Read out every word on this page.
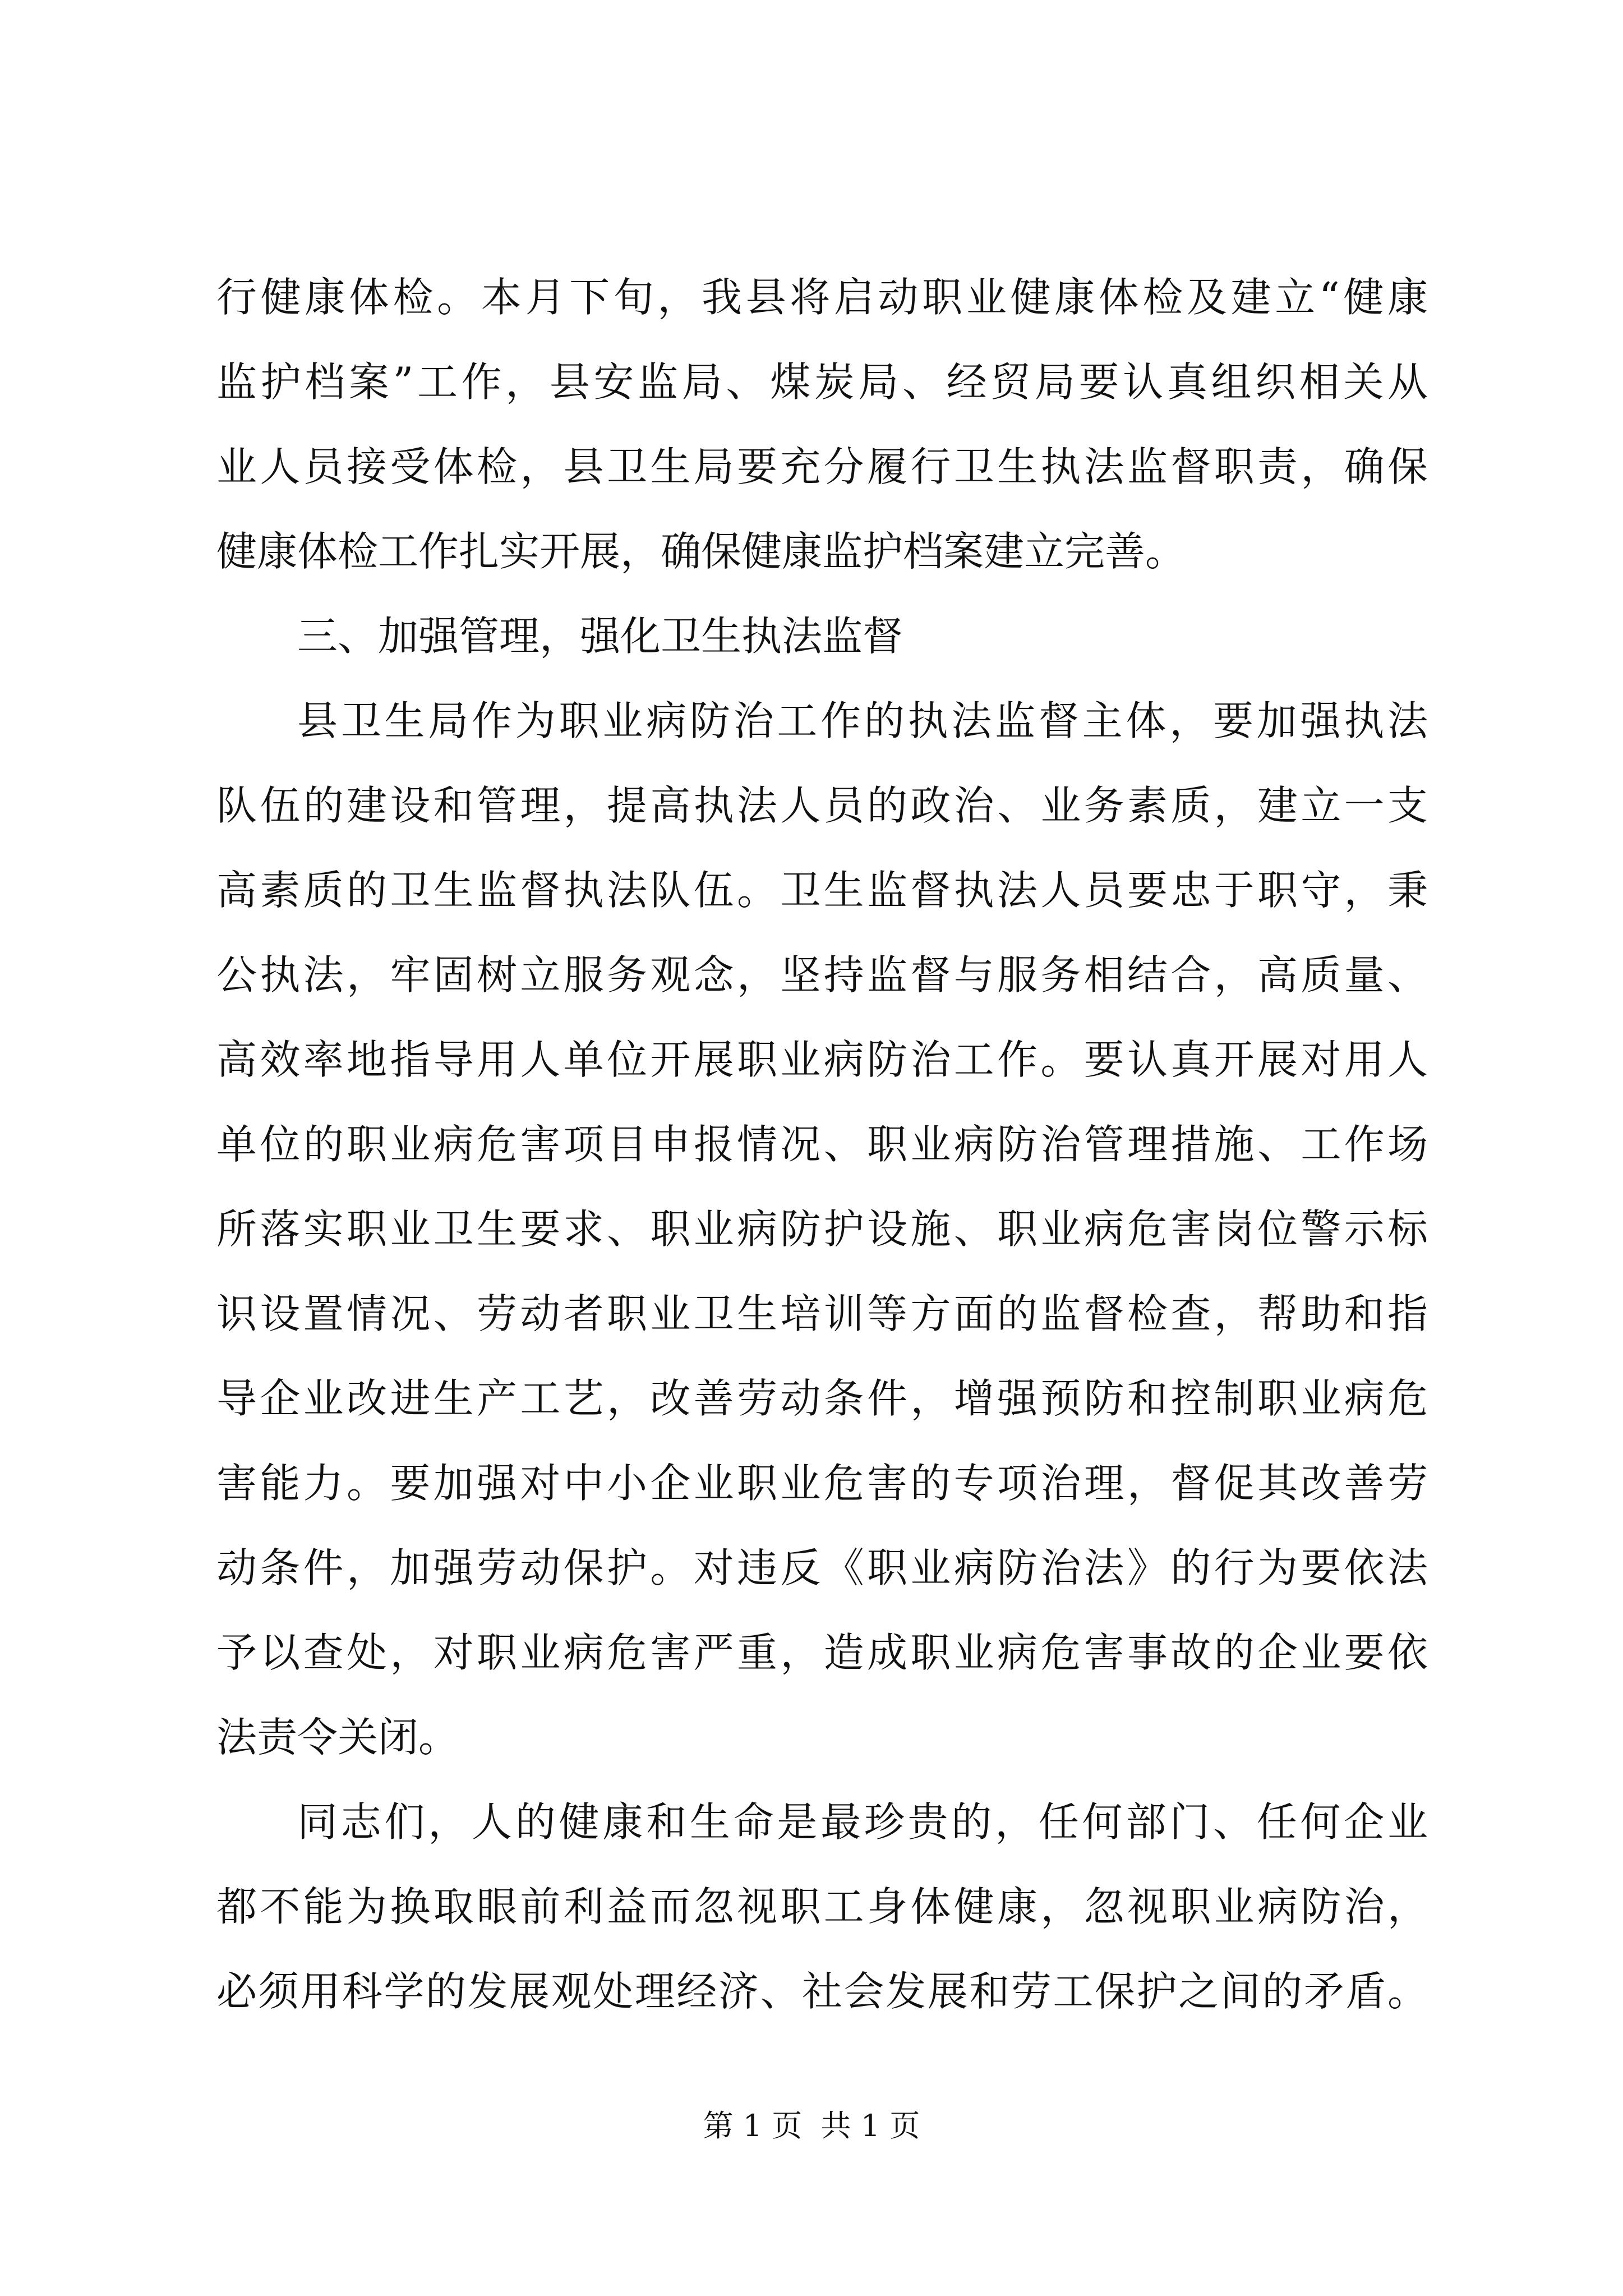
行健康体检。本月下旬，我县将启动职业健康体检及建立“健康
监护档案”工作，县安监局、煤炭局、经贸局要认真组织相关从
业人员接受体检，县卫生局要充分履行卫生执法监督职责，确保
健康体检工作扎实开展，确保健康监护档案建立完善。
三、加强管理，强化卫生执法监督
县卫生局作为职业病防治工作的执法监督主体，要加强执法
队伍的建设和管理，提高执法人员的政治、业务素质，建立一支
高素质的卫生监督执法队伍。卫生监督执法人员要忠于职守，秉
公执法，牢固树立服务观念，坚持监督与服务相结合，高质量、
高效率地指导用人单位开展职业病防治工作。要认真开展对用人
单位的职业病危害项目申报情况、职业病防治管理措施、工作场
所落实职业卫生要求、职业病防护设施、职业病危害岗位警示标
识设置情况、劳动者职业卫生培训等方面的监督检查，帮助和指
导企业改进生产工艺，改善劳动条件，增强预防和控制职业病危
害能力。要加强对中小企业职业危害的专项治理，督促其改善劳
动条件，加强劳动保护。对违反《职业病防治法》的行为要依法
予以查处，对职业病危害严重，造成职业病危害事故的企业要依
法责令关闭。
同志们，人的健康和生命是最珍贵的，任何部门、任何企业
都不能为换取眼前利益而忽视职工身体健康，忽视职业病防治，
必须用科学的发展观处理经济、社会发展和劳工保护之间的矛盾。
第 1 页 共 1 页
